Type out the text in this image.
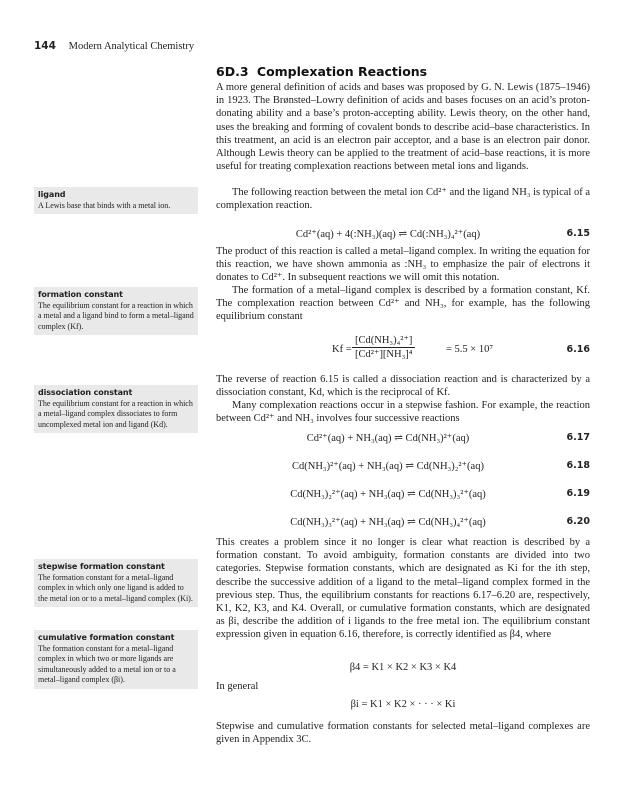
144 Modern Analytical Chemistry
6D.3 Complexation Reactions

A more general definition of acids and bases was proposed by G. N. Lewis (1875–1946) in 1923. The Brønsted–Lowry definition of acids and bases focuses on an acid’s proton-donating ability and a base’s proton-accepting ability. Lewis theory, on the other hand, uses the breaking and forming of covalent bonds to describe acid–base characteristics. In this treatment, an acid is an electron pair acceptor, and a base is an electron pair donor. Although Lewis theory can be applied to the treatment of acid–base reactions, it is more useful for treating complexation reactions between metal ions and ligands.

The following reaction between the metal ion Cd²⁺ and the ligand NH₃ is typical of a complexation reaction.

Cd²⁺(aq) + 4(:NH₃)(aq) ⇌ Cd(:NH₃)₄²⁺(aq)	6.15

The product of this reaction is called a metal–ligand complex. In writing the equation for this reaction, we have shown ammonia as :NH₃ to emphasize the pair of electrons it donates to Cd²⁺. In subsequent reactions we will omit this notation.

The formation of a metal–ligand complex is described by a formation constant, Kf. The complexation reaction between Cd²⁺ and NH₃, for example, has the following equilibrium constant

$Kf = \frac{\text{[Cd(NH₃)₄²⁺]}}{\text{[Cd²⁺][NH₃]⁴}}$	= 5.5 × 10⁷	6.16

The reverse of reaction 6.15 is called a dissociation reaction and is characterized by a dissociation constant, Kd, which is the reciprocal of Kf.

Many complexation reactions occur in a stepwise fashion. For example, the reaction between Cd²⁺ and NH₃ involves four successive reactions

Cd²⁺(aq) + NH₃(aq) ⇌ Cd(NH₃)²⁺(aq)	6.17
Cd(NH₃)²⁺(aq) + NH₃(aq) ⇌ Cd(NH₃)₂²⁺(aq)	6.18
Cd(NH₃)₂²⁺(aq) + NH₃(aq) ⇌ Cd(NH₃)₃²⁺(aq)	6.19
Cd(NH₃)₃²⁺(aq) + NH₃(aq) ⇌ Cd(NH₃)₄²⁺(aq)	6.20

This creates a problem since it no longer is clear what reaction is described by a formation constant. To avoid ambiguity, formation constants are divided into two categories. Stepwise formation constants, which are designated as Ki for the ith step, describe the successive addition of a ligand to the metal–ligand complex formed in the previous step. Thus, the equilibrium constants for reactions 6.17–6.20 are, respectively, K1, K2, K3, and K4. Overall, or cumulative formation constants, which are designated as βi, describe the addition of i ligands to the free metal ion. The equilibrium constant expression given in equation 6.16, therefore, is correctly identified as β4, where

β4 = K1 × K2 × K3 × K4

In general

βi = K1 × K2 × · · · × Ki

Stepwise and cumulative formation constants for selected metal–ligand complexes are given in Appendix 3C.

ligand
A Lewis base that binds with a metal ion.
formation constant
The equilibrium constant for a reaction in which a metal and a ligand bind to form a metal–ligand complex (Kf).
dissociation constant
The equilibrium constant for a reaction in which a metal–ligand complex dissociates to form uncomplexed metal ion and ligand (Kd).
stepwise formation constant
The formation constant for a metal–ligand complex in which only one ligand is added to the metal ion or to a metal–ligand complex (Ki).
cumulative formation constant
The formation constant for a metal–ligand complex in which two or more ligands are simultaneously added to a metal ion or to a metal–ligand complex (βi).
